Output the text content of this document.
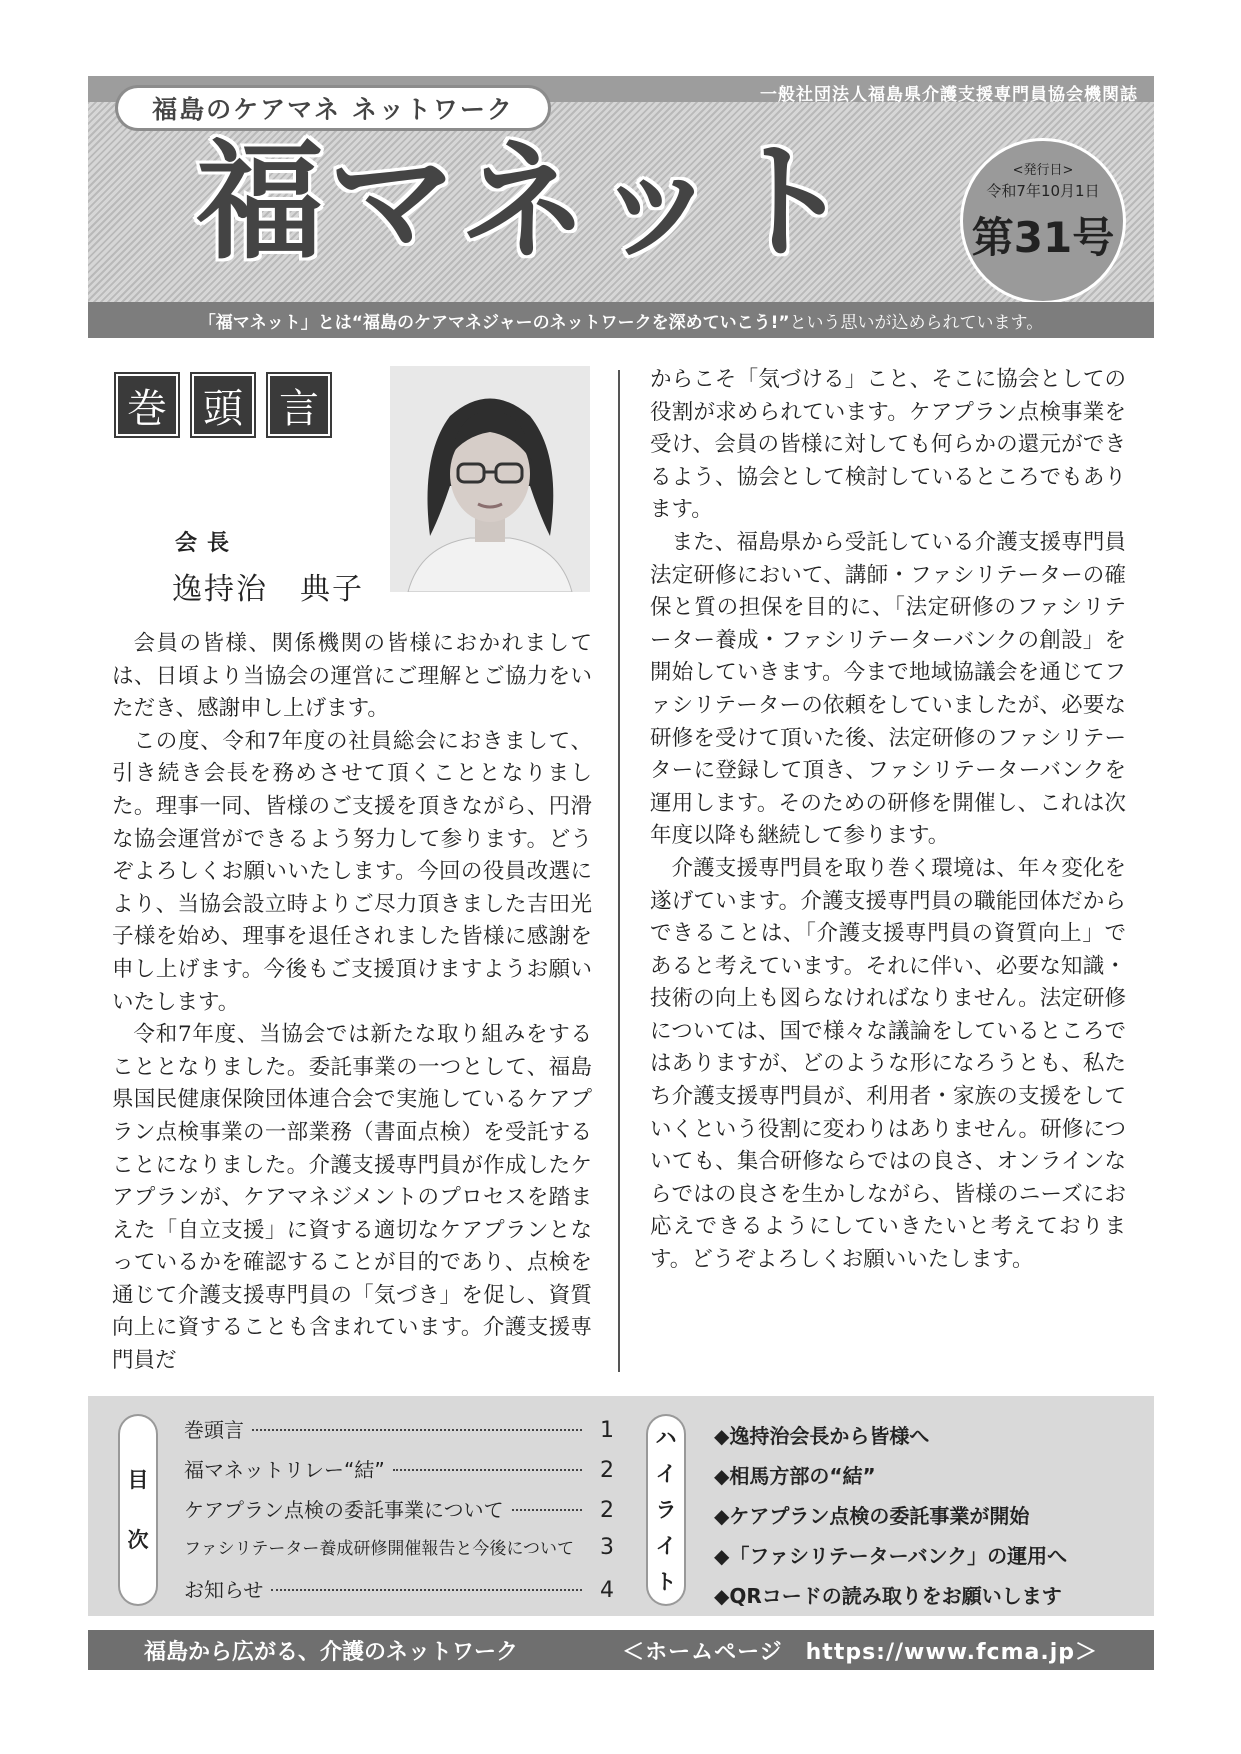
一般社団法人福島県介護支援専門員協会機関誌
福島のケアマネ ネットワーク
福マネット	<発行日>
令和7年10月1日
第31号
「福マネット」とは “福島のケアマネジャーのネットワークを深めていこう!” という思いが込められています。
巻 頭 言
会長
逸持治　典子

会員の皆様、関係機関の皆様におかれましては、日頃より当協会の運営にご理解とご協力をいただき、感謝申し上げます。

この度、令和7年度の社員総会におきまして、引き続き会長を務めさせて頂くこととなりました。理事一同、皆様のご支援を頂きながら、円滑な協会運営ができるよう努力して参ります。どうぞよろしくお願いいたします。今回の役員改選により、当協会設立時よりご尽力頂きました吉田光子様を始め、理事を退任されました皆様に感謝を申し上げます。今後もご支援頂けますようお願いいたします。

令和7年度、当協会では新たな取り組みをすることとなりました。委託事業の一つとして、福島県国民健康保険団体連合会で実施しているケアプラン点検事業の一部業務（書面点検）を受託することになりました。介護支援専門員が作成したケアプランが、ケアマネジメントのプロセスを踏まえた「自立支援」に資する適切なケアプランとなっているかを確認することが目的であり、点検を通じて介護支援専門員の「気づき」を促し、資質向上に資することも含まれています。介護支援専門員だ

からこそ「気づける」こと、そこに協会としての役割が求められています。ケアプラン点検事業を受け、会員の皆様に対しても何らかの還元ができるよう、協会として検討しているところでもあります。

また、福島県から受託している介護支援専門員法定研修において、講師・ファシリテーターの確保と質の担保を目的に、「法定研修のファシリテーター養成・ファシリテーターバンクの創設」を開始していきます。今まで地域協議会を通じてファシリテーターの依頼をしていましたが、必要な研修を受けて頂いた後、法定研修のファシリテーターに登録して頂き、ファシリテーターバンクを運用します。そのための研修を開催し、これは次年度以降も継続して参ります。

介護支援専門員を取り巻く環境は、年々変化を遂げています。介護支援専門員の職能団体だからできることは、「介護支援専門員の資質向上」であると考えています。それに伴い、必要な知識・技術の向上も図らなければなりません。法定研修については、国で様々な議論をしているところではありますが、どのような形になろうとも、私たち介護支援専門員が、利用者・家族の支援をしていくという役割に変わりはありません。研修についても、集合研修ならではの良さ、オンラインならではの良さを生かしながら、皆様のニーズにお応えできるようにしていきたいと考えております。どうぞよろしくお願いいたします。

目
次
巻頭言	1
福マネットリレー“結”	2
ケアプラン点検の委託事業について	2
ファシリテーター養成研修開催報告と今後について	3
お知らせ	4
ハ
イ
ラ
イ
ト
◆逸持治会長から皆様へ
◆相馬方部の“結”
◆ケアプラン点検の委託事業が開始
◆「ファシリテーターバンク」の運用へ
◆QRコードの読み取りをお願いします
福島から広がる、介護のネットワーク	＜ホームページ　https://www.fcma.jp＞
